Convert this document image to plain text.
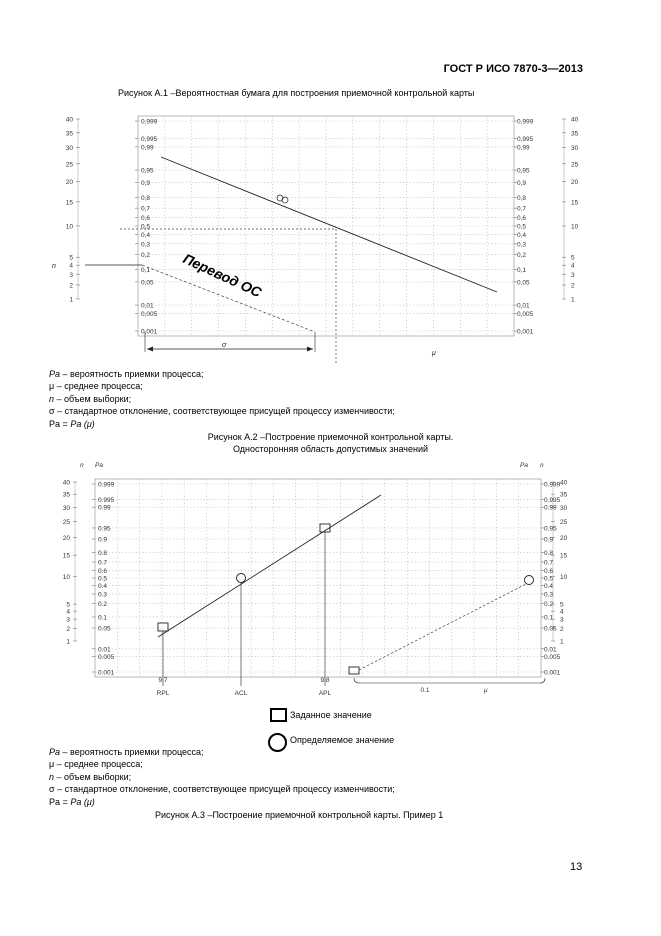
ГОСТ Р ИСО 7870-3—2013
Рисунок А.1 –Вероятностная бумага для построения приемочной контрольной карты
0,999	0,999
0,995	0,995
0,99	0,99
0,95	0,95
0,9	0,9
0,8	0,8
0,7	0,7
0,6	0,6
0,5	0,5
0,4	0,4
0,3	0,3
0,2	0,2
0,1	0,1
0,05	0,05
0,01	0,01
0,005	0,005
0,001	0,001
40	40
35	35
30	30
25	25
20	20
15	15
10	10
5	5
4	4
3	3
2	2
1	1
n
σ
μ
Перевод ОС
0.999	0.999
0.995	0.995
0.99	0.99
0.95	0.95
0.9	0.9
0.8	0.8
0.7	0.7
0.6	0.6
0.5	0.5
0.4	0.4
0.3	0.3
0.2	0.2
0.1	0.1
0.05	0.05
0.01	0.01
0.005	0.005
0.001	0.001
40	40
35	35
30	30
25	25
20	20
15	15
10	10
5	5
4	4
3	3
2	2
1	1
n Pa	Pa n
9.7
RPL	ACL
9.8
APL	0.1	μ
Pa – вероятность приемки процесса;
μ – среднее процесса;
n – объем выборки;
σ – стандартное отклонение, соответствующее присущей процессу изменчивости;
Pa = Pa (μ)
Рисунок А.2 –Построение приемочной контрольной карты.
Односторонняя область допустимых значений
Заданное значение
Определяемое значение
Pa – вероятность приемки процесса;
μ – среднее процесса;
n – объем выборки;
σ – стандартное отклонение, соответствующее присущей процессу изменчивости;
Pa = Pa (μ)
Рисунок А.3 –Построение приемочной контрольной карты. Пример 1
13
